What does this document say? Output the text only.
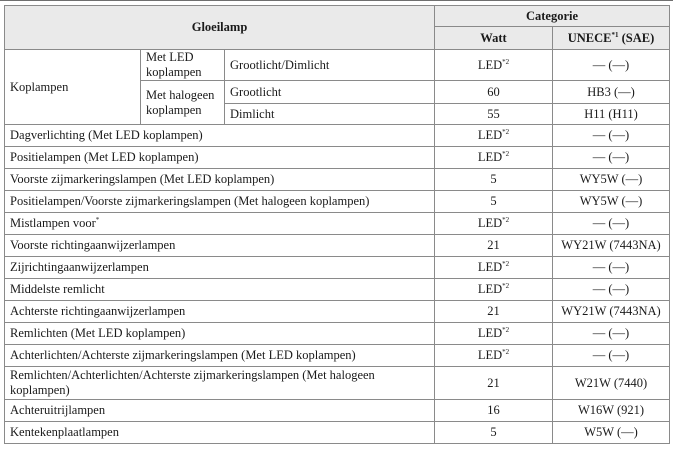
Gloeilamp			Categorie	
			Watt	UNECE$^{*1}$ (SAE)
Koplampen	Met LED koplampen	Grootlicht/Dimlicht	LED$^{*2}$	— (—)
	Met halogeen koplampen	Grootlicht	60	HB3 (—)
		Dimlicht	55	H11 (H11)
Dagverlichting (Met LED koplampen)			LED$^{*2}$	— (—)
Positielampen (Met LED koplampen)			LED$^{*2}$	— (—)
Voorste zijmarkeringslampen (Met LED koplampen)			5	WY5W (—)
Positielampen/Voorste zijmarkeringslampen (Met halogeen koplampen)			5	WY5W (—)
Mistlampen voor*			LED$^{*2}$	— (—)
Voorste richtingaanwijzerlampen			21	WY21W (7443NA)
Zijrichtingaanwijzerlampen			LED$^{*2}$	— (—)
Middelste remlicht			LED$^{*2}$	— (—)
Achterste richtingaanwijzerlampen			21	WY21W (7443NA)
Remlichten (Met LED koplampen)			LED$^{*2}$	— (—)
Achterlichten/Achterste zijmarkeringslampen (Met LED koplampen)			LED$^{*2}$	— (—)
Remlichten/Achterlichten/Achterste zijmarkeringslampen (Met halogeen koplampen)			21	W21W (7440)
Achteruitrijlampen			16	W16W (921)
Kentekenplaatlampen			5	W5W (—)
